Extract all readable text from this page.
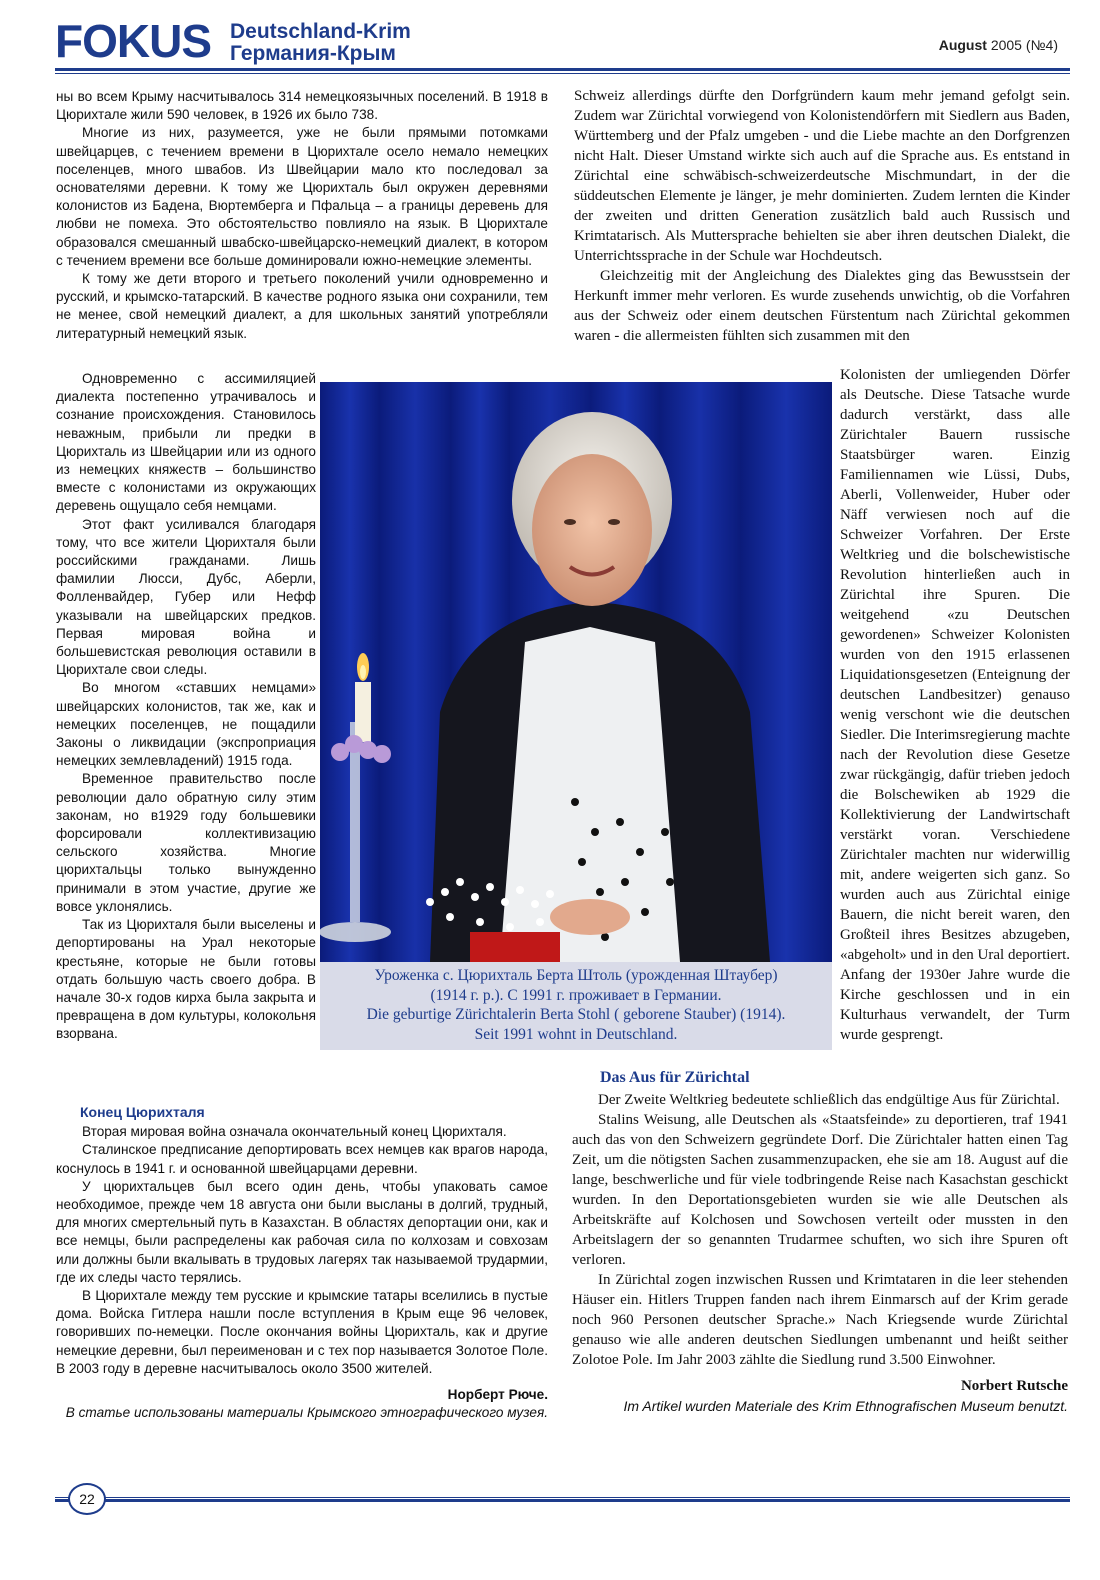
FOKUS Deutschland-Krim
Германия-Крым	August 2005 (№4)

ны во всем Крыму насчитывалось 314 немецкоязычных поселений. В 1918 в Цюрихтале жили 590 человек, в 1926 их было 738.

Многие из них, разумеется, уже не были прямыми потомками швейцарцев, с течением времени в Цюрихтале осело немало немецких поселенцев, много швабов. Из Швейцарии мало кто последовал за основателями деревни. К тому же Цюрихталь был окружен деревнями колонистов из Бадена, Вюртемберга и Пфальца – а границы деревень для любви не помеха. Это обстоятельство повлияло на язык. В Цюрихтале образовался смешанный швабско-швейцарско-немецкий диалект, в котором с течением времени все больше доминировали южно-немецкие элементы.

К тому же дети второго и третьего поколений учили одновременно и русский, и крымско-татарский. В качестве родного языка они сохранили, тем не менее, свой немецкий диалект, а для школьных занятий употребляли литературный немецкий язык.

Одновременно с ассимиляцией диалекта постепенно утрачивалось и сознание происхождения. Становилось неважным, прибыли ли предки в Цюрихталь из Швейцарии или из одного из немецких княжеств – большинство вместе с колонистами из окружающих деревень ощущало себя немцами.

Этот факт усиливался благодаря тому, что все жители Цюрихталя были российскими гражданами. Лишь фамилии Люсси, Дубс, Аберли, Фолленвайдер, Губер или Нефф указывали на швейцарских предков. Первая мировая война и большевистская революция оставили в Цюрихтале свои следы.

Во многом «ставших немцами» швейцарских колонистов, так же, как и немецких поселенцев, не пощадили Законы о ликвидации (экспроприация немецких землевладений) 1915 года.

Временное правительство после революции дало обратную силу этим законам, но в1929 году большевики форсировали коллективизацию сельского хозяйства. Многие цюрихтальцы только вынужденно принимали в этом участие, другие же вовсе уклонялись.

Так из Цюрихталя были выселены и депортированы на Урал некоторые крестьяне, которые не были готовы отдать большую часть своего добра. В начале 30-х годов кирха была закрыта и превращена в дом культуры, колокольня взорвана.

Конец Цюрихталя

Вторая мировая война означала окончательный конец Цюрихталя.

Сталинское предписание депортировать всех немцев как врагов народа, коснулось в 1941 г. и основанной швейцарцами деревни.

У цюрихтальцев был всего один день, чтобы упаковать самое необходимое, прежде чем 18 августа они были высланы в долгий, трудный, для многих смертельный путь в Казахстан. В областях депортации они, как и все немцы, были распределены как рабочая сила по колхозам и совхозам или должны были вкалывать в трудовых лагерях так называемой трудармии, где их следы часто терялись.

В Цюрихтале между тем русские и крымские татары вселились в пустые дома. Войска Гитлера нашли после вступления в Крым еще 96 человек, говоривших по-немецки. После окончания войны Цюрихталь, как и другие немецкие деревни, был переименован и с тех пор называется Золотое Поле. В 2003 году в деревне насчитывалось около 3500 жителей.

Норберт Рюче.
В статье использованы материалы Крымского этнографического музея.

Schweiz allerdings dürfte den Dorfgründern kaum mehr jemand gefolgt sein. Zudem war Zürichtal vorwiegend von Kolonistendörfern mit Siedlern aus Baden, Württemberg und der Pfalz umgeben - und die Liebe machte an den Dorfgrenzen nicht Halt. Dieser Umstand wirkte sich auch auf die Sprache aus. Es entstand in Zürichtal eine schwäbisch-schweizerdeutsche Mischmundart, in der die süddeutschen Elemente je länger, je mehr dominierten. Zudem lernten die Kinder der zweiten und dritten Generation zusätzlich bald auch Russisch und Krimtatarisch. Als Muttersprache behielten sie aber ihren deutschen Dialekt, die Unterrichtssprache in der Schule war Hochdeutsch.

Gleichzeitig mit der Angleichung des Dialektes ging das Bewusstsein der Herkunft immer mehr verloren. Es wurde zusehends unwichtig, ob die Vorfahren aus der Schweiz oder einem deutschen Fürstentum nach Zürichtal gekommen waren - die allermeisten fühlten sich zusammen mit den

Kolonisten der umliegenden Dörfer als Deutsche. Diese Tatsache wurde dadurch verstärkt, dass alle Zürichtaler Bauern russische Staatsbürger waren. Einzig Familiennamen wie Lüssi, Dubs, Aberli, Vollenweider, Huber oder Näff verwiesen noch auf die Schweizer Vorfahren. Der Erste Weltkrieg und die bolschewistische Revolution hinterließen auch in Zürichtal ihre Spuren. Die weitgehend «zu Deutschen gewordenen» Schweizer Kolonisten wurden von den 1915 erlassenen Liquidationsgesetzen (Enteignung der deutschen Landbesitzer) genauso wenig verschont wie die deutschen Siedler. Die Interimsregierung machte nach der Revolution diese Gesetze zwar rückgängig, dafür trieben jedoch die Bolschewiken ab 1929 die Kollektivierung der Landwirtschaft verstärkt voran. Verschiedene Zürichtaler machten nur widerwillig mit, andere weigerten sich ganz. So wurden auch aus Zürichtal einige Bauern, die nicht bereit waren, den Großteil ihres Besitzes abzugeben, «abgeholt» und in den Ural deportiert. Anfang der 1930er Jahre wurde die Kirche geschlossen und in ein Kulturhaus verwandelt, der Turm wurde gesprengt.

Das Aus für Zürichtal

Der Zweite Weltkrieg bedeutete schließlich das endgültige Aus für Zürichtal.

Stalins Weisung, alle Deutschen als «Staatsfeinde» zu deportieren, traf 1941 auch das von den Schweizern gegründete Dorf. Die Zürichtaler hatten einen Tag Zeit, um die nötigsten Sachen zusammenzupacken, ehe sie am 18. August auf die lange, beschwerliche und für viele todbringende Reise nach Kasachstan geschickt wurden. In den Deportationsgebieten wurden sie wie alle Deutschen als Arbeitskräfte auf Kolchosen und Sowchosen verteilt oder mussten in den Arbeitslagern der so genannten Trudarmee schuften, wo sich ihre Spuren oft verloren.

In Zürichtal zogen inzwischen Russen und Krimtataren in die leer stehenden Häuser ein. Hitlers Truppen fanden nach ihrem Einmarsch auf der Krim gerade noch 960 Personen deutscher Sprache.» Nach Kriegsende wurde Zürichtal genauso wie alle anderen deutschen Siedlungen umbenannt und heißt seither Zolotoe Pole. Im Jahr 2003 zählte die Siedlung rund 3.500 Einwohner.

Norbert Rutsche
Im Artikel wurden Materiale des Krim Ethnografischen Museum benutzt.
Уроженка с. Цюрихталь Берта Штоль (урожденная Штаубер)
(1914 г. р.). С 1991 г. проживает в Германии.
Die geburtige Zürichtalerin Berta Stohl ( geborene Stauber) (1914).
Seit 1991 wohnt in Deutschland.
22
